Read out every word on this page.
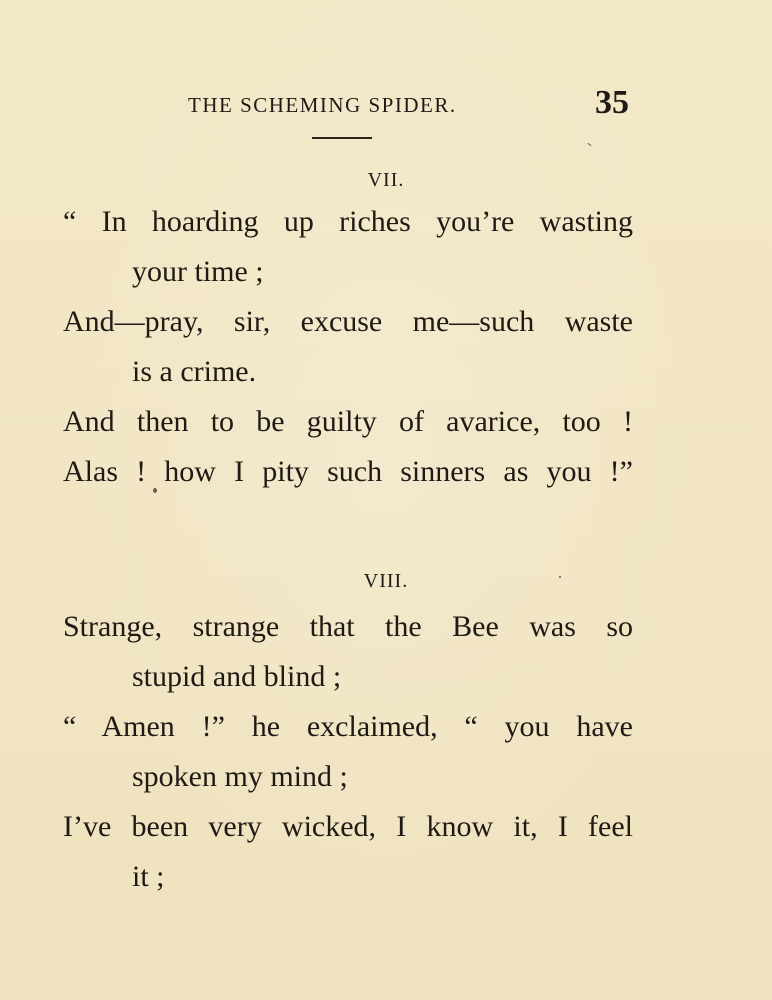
THE SCHEMING SPIDER.	35
VII.
“ In hoarding up riches you’re wasting
your time ;
And—pray, sir, excuse me—such waste
is a crime.
And then to be guilty of avarice, too !
Alas ! how I pity such sinners as you !”
VIII.
Strange, strange that the Bee was so
stupid and blind ;
“ Amen !” he exclaimed, “ you have
spoken my mind ;
I’ve been very wicked, I know it, I feel
it ;
